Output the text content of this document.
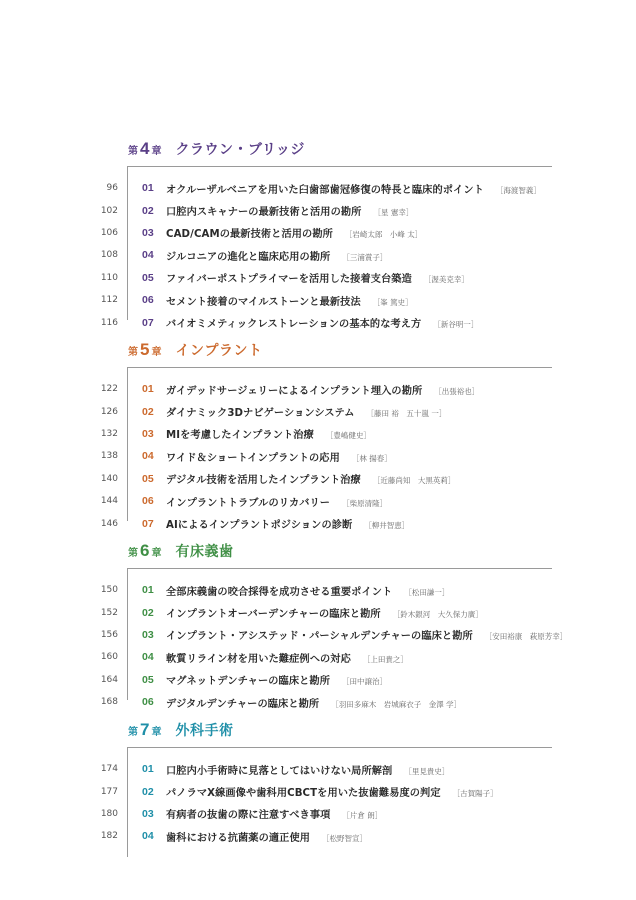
第 4 章 クラウン・ブリッジ
96 01 オクルーザルベニアを用いた臼歯部歯冠修復の特長と臨床的ポイント ［海渡智義］
102 02 口腔内スキャナーの最新技術と活用の勘所 ［星 憲幸］
106 03 CAD/CAMの最新技術と活用の勘所 ［岩崎太郎　小峰 太］
108 04 ジルコニアの進化と臨床応用の勘所 ［三浦賞子］
110 05 ファイバーポストプライマーを活用した接着支台築造 ［渥美克幸］
112 06 セメント接着のマイルストーンと最新技法 ［峯 篤史］
116 07 バイオミメティックレストレーションの基本的な考え方 ［新谷明一］
第 5 章 インプラント
122 01 ガイデッドサージェリーによるインプラント埋入の勘所 ［出張裕也］
126 02 ダイナミック3Dナビゲーションシステム ［藤田 裕　五十嵐 一］
132 03 MIを考慮したインプラント治療 ［豊嶋健史］
138 04 ワイド＆ショートインプラントの応用 ［林 揚春］
140 05 デジタル技術を活用したインプラント治療 ［近藤尚知　大黒英莉］
144 06 インプラントトラブルのリカバリー ［柴原清隆］
146 07 AIによるインプラントポジションの診断 ［柳井智恵］
第 6 章 有床義歯
150 01 全部床義歯の咬合採得を成功させる重要ポイント ［松田謙一］
152 02 インプラントオーバーデンチャーの臨床と勘所 ［鈴木銀河　大久保力廣］
156 03 インプラント・アシステッド・パーシャルデンチャーの臨床と勘所 ［安田裕康　萩原芳幸］
160 04 軟質リライン材を用いた難症例への対応 ［上田貴之］
164 05 マグネットデンチャーの臨床と勘所 ［田中譲治］
168 06 デジタルデンチャーの臨床と勘所 ［羽田多麻木　岩城麻衣子　金澤 学］
第 7 章 外科手術
174 01 口腔内小手術時に見落としてはいけない局所解剖 ［里見貴史］
177 02 パノラマX線画像や歯科用CBCTを用いた抜歯難易度の判定 ［古賀陽子］
180 03 有病者の抜歯の際に注意すべき事項 ［片倉 朗］
182 04 歯科における抗菌薬の適正使用 ［松野智宣］
